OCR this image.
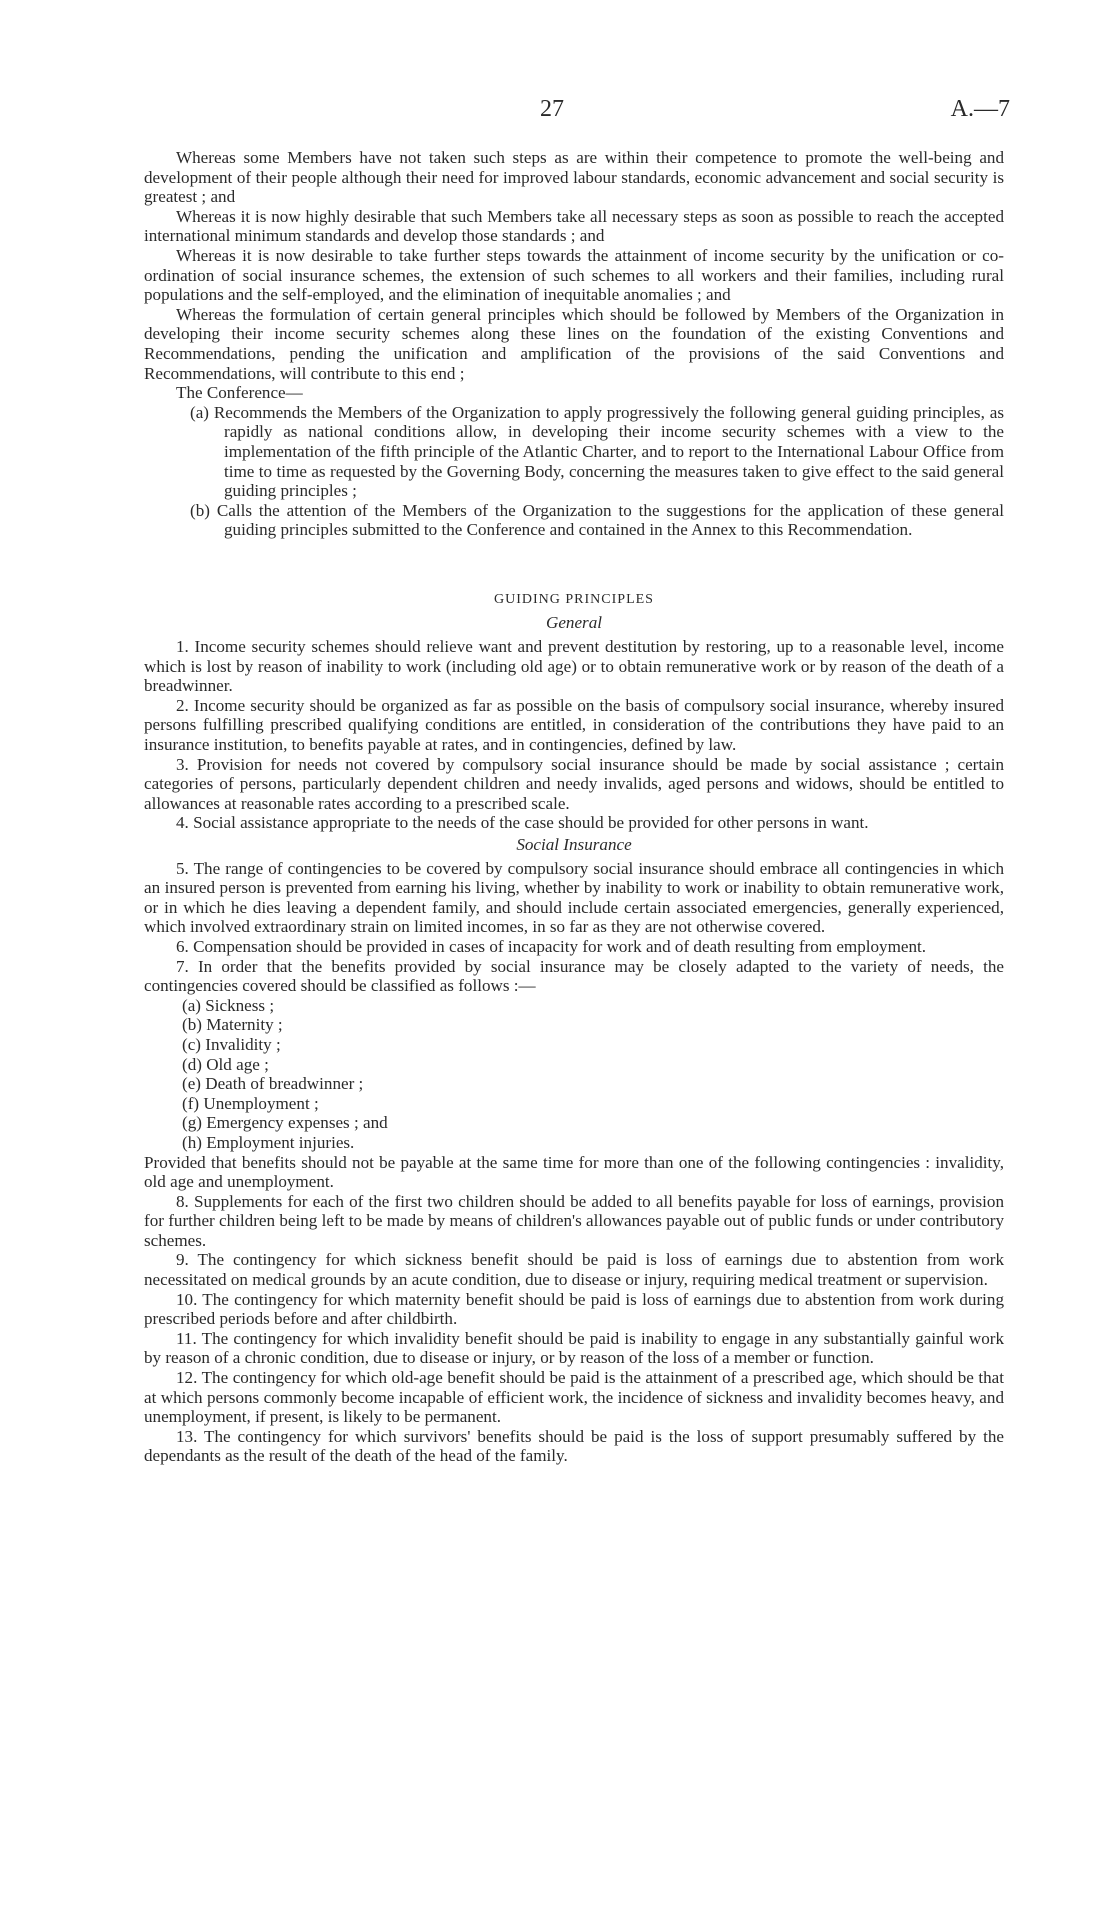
27	A.—7

Whereas some Members have not taken such steps as are within their competence to promote the well-being and development of their people although their need for improved labour standards, economic advancement and social security is greatest ; and

Whereas it is now highly desirable that such Members take all necessary steps as soon as possible to reach the accepted international minimum standards and develop those standards ; and

Whereas it is now desirable to take further steps towards the attainment of income security by the unification or co-ordination of social insurance schemes, the extension of such schemes to all workers and their families, including rural populations and the self-employed, and the elimination of inequitable anomalies ; and

Whereas the formulation of certain general principles which should be followed by Members of the Organization in developing their income security schemes along these lines on the foundation of the existing Conventions and Recommendations, pending the unification and amplification of the provisions of the said Conventions and Recommendations, will contribute to this end ;

The Conference—

(a) Recommends the Members of the Organization to apply progressively the following general guiding principles, as rapidly as national conditions allow, in developing their income security schemes with a view to the implementation of the fifth principle of the Atlantic Charter, and to report to the International Labour Office from time to time as requested by the Governing Body, concerning the measures taken to give effect to the said general guiding principles ;

(b) Calls the attention of the Members of the Organization to the suggestions for the application of these general guiding principles submitted to the Conference and contained in the Annex to this Recommendation.

GUIDING PRINCIPLES

General

1. Income security schemes should relieve want and prevent destitution by restoring, up to a reasonable level, income which is lost by reason of inability to work (including old age) or to obtain remunerative work or by reason of the death of a breadwinner.

2. Income security should be organized as far as possible on the basis of compulsory social insurance, whereby insured persons fulfilling prescribed qualifying conditions are entitled, in consideration of the contributions they have paid to an insurance institution, to benefits payable at rates, and in contingencies, defined by law.

3. Provision for needs not covered by compulsory social insurance should be made by social assistance ; certain categories of persons, particularly dependent children and needy invalids, aged persons and widows, should be entitled to allowances at reasonable rates according to a prescribed scale.

4. Social assistance appropriate to the needs of the case should be provided for other persons in want.

Social Insurance

5. The range of contingencies to be covered by compulsory social insurance should embrace all contingencies in which an insured person is prevented from earning his living, whether by inability to work or inability to obtain remunerative work, or in which he dies leaving a dependent family, and should include certain associated emergencies, generally experienced, which involved extraordinary strain on limited incomes, in so far as they are not otherwise covered.

6. Compensation should be provided in cases of incapacity for work and of death resulting from employment.

7. In order that the benefits provided by social insurance may be closely adapted to the variety of needs, the contingencies covered should be classified as follows :—

(a) Sickness ;

(b) Maternity ;

(c) Invalidity ;

(d) Old age ;

(e) Death of breadwinner ;

(f) Unemployment ;

(g) Emergency expenses ; and

(h) Employment injuries.

Provided that benefits should not be payable at the same time for more than one of the following contingencies : invalidity, old age and unemployment.

8. Supplements for each of the first two children should be added to all benefits payable for loss of earnings, provision for further children being left to be made by means of children's allowances payable out of public funds or under contributory schemes.

9. The contingency for which sickness benefit should be paid is loss of earnings due to abstention from work necessitated on medical grounds by an acute condition, due to disease or injury, requiring medical treatment or supervision.

10. The contingency for which maternity benefit should be paid is loss of earnings due to abstention from work during prescribed periods before and after childbirth.

11. The contingency for which invalidity benefit should be paid is inability to engage in any substantially gainful work by reason of a chronic condition, due to disease or injury, or by reason of the loss of a member or function.

12. The contingency for which old-age benefit should be paid is the attainment of a prescribed age, which should be that at which persons commonly become incapable of efficient work, the incidence of sickness and invalidity becomes heavy, and unemployment, if present, is likely to be permanent.

13. The contingency for which survivors' benefits should be paid is the loss of support presumably suffered by the dependants as the result of the death of the head of the family.
